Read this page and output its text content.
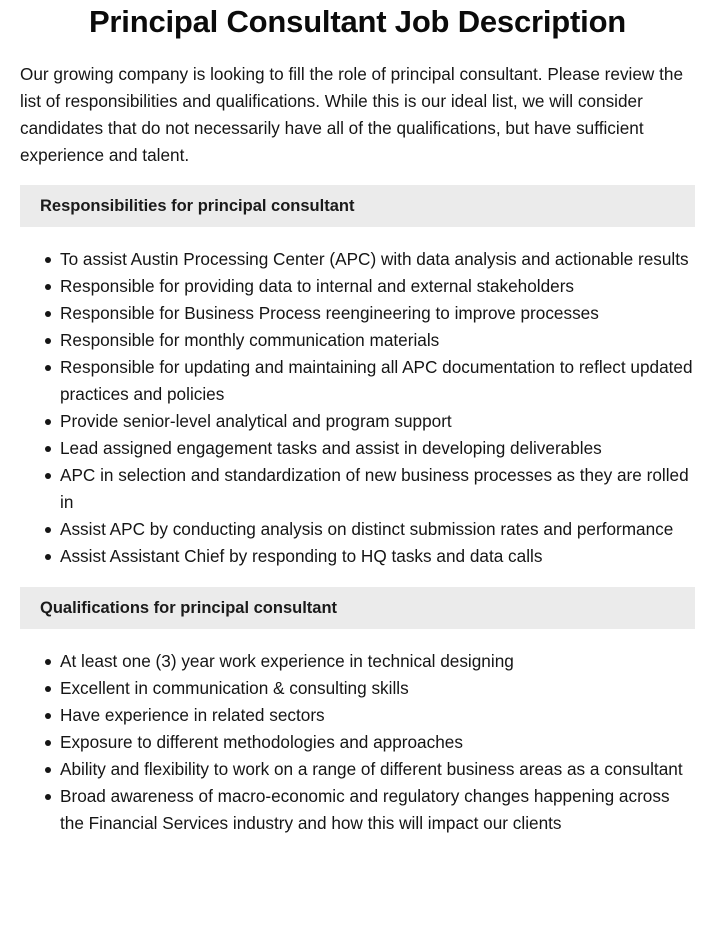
Principal Consultant Job Description

Our growing company is looking to fill the role of principal consultant. Please review the list of responsibilities and qualifications. While this is our ideal list, we will consider candidates that do not necessarily have all of the qualifications, but have sufficient experience and talent.

Responsibilities for principal consultant
To assist Austin Processing Center (APC) with data analysis and actionable results
Responsible for providing data to internal and external stakeholders
Responsible for Business Process reengineering to improve processes
Responsible for monthly communication materials
Responsible for updating and maintaining all APC documentation to reflect updated practices and policies
Provide senior-level analytical and program support
Lead assigned engagement tasks and assist in developing deliverables
APC in selection and standardization of new business processes as they are rolled in
Assist APC by conducting analysis on distinct submission rates and performance
Assist Assistant Chief by responding to HQ tasks and data calls
Qualifications for principal consultant
At least one (3) year work experience in technical designing
Excellent in communication & consulting skills
Have experience in related sectors
Exposure to different methodologies and approaches
Ability and flexibility to work on a range of different business areas as a consultant
Broad awareness of macro-economic and regulatory changes happening across the Financial Services industry and how this will impact our clients
